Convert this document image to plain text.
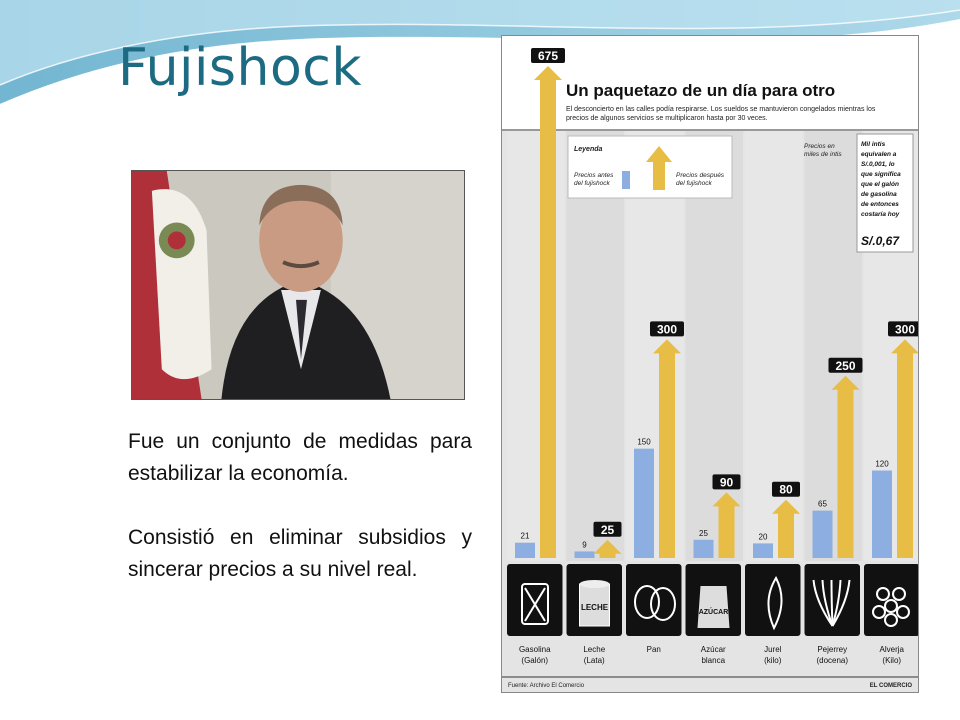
Fujishock

Fue un conjunto de medidas para estabilizar la economía.

Consistió en eliminar subsidios y sincerar precios a su nivel real.

Un paquetazo de un día para otro
El desconcierto en las calles podía respirarse. Los sueldos se mantuvieron congelados mientras los
precios de algunos servicios se multiplicaron hasta por 30 veces.
Leyenda
Precios antes
del fujishock
Precios después
del fujishock
Precios en
miles de intis
Mil intis
equivalen a
S/.0,001, lo
que significa
que el galón
de gasolina
de entonces
costaría hoy
S/.0,67
21
675
9
25
150
300
25
90
20
80
65
250
120
300
Gasolina
(Galón)
LECHE
Leche
(Lata)
Pan
AZÚCAR
Azúcar
blanca
Jurel
(kilo)
Pejerrey
(docena)
Alverja
(Kilo)
Fuente: Archivo El Comercio	EL COMERCIO
